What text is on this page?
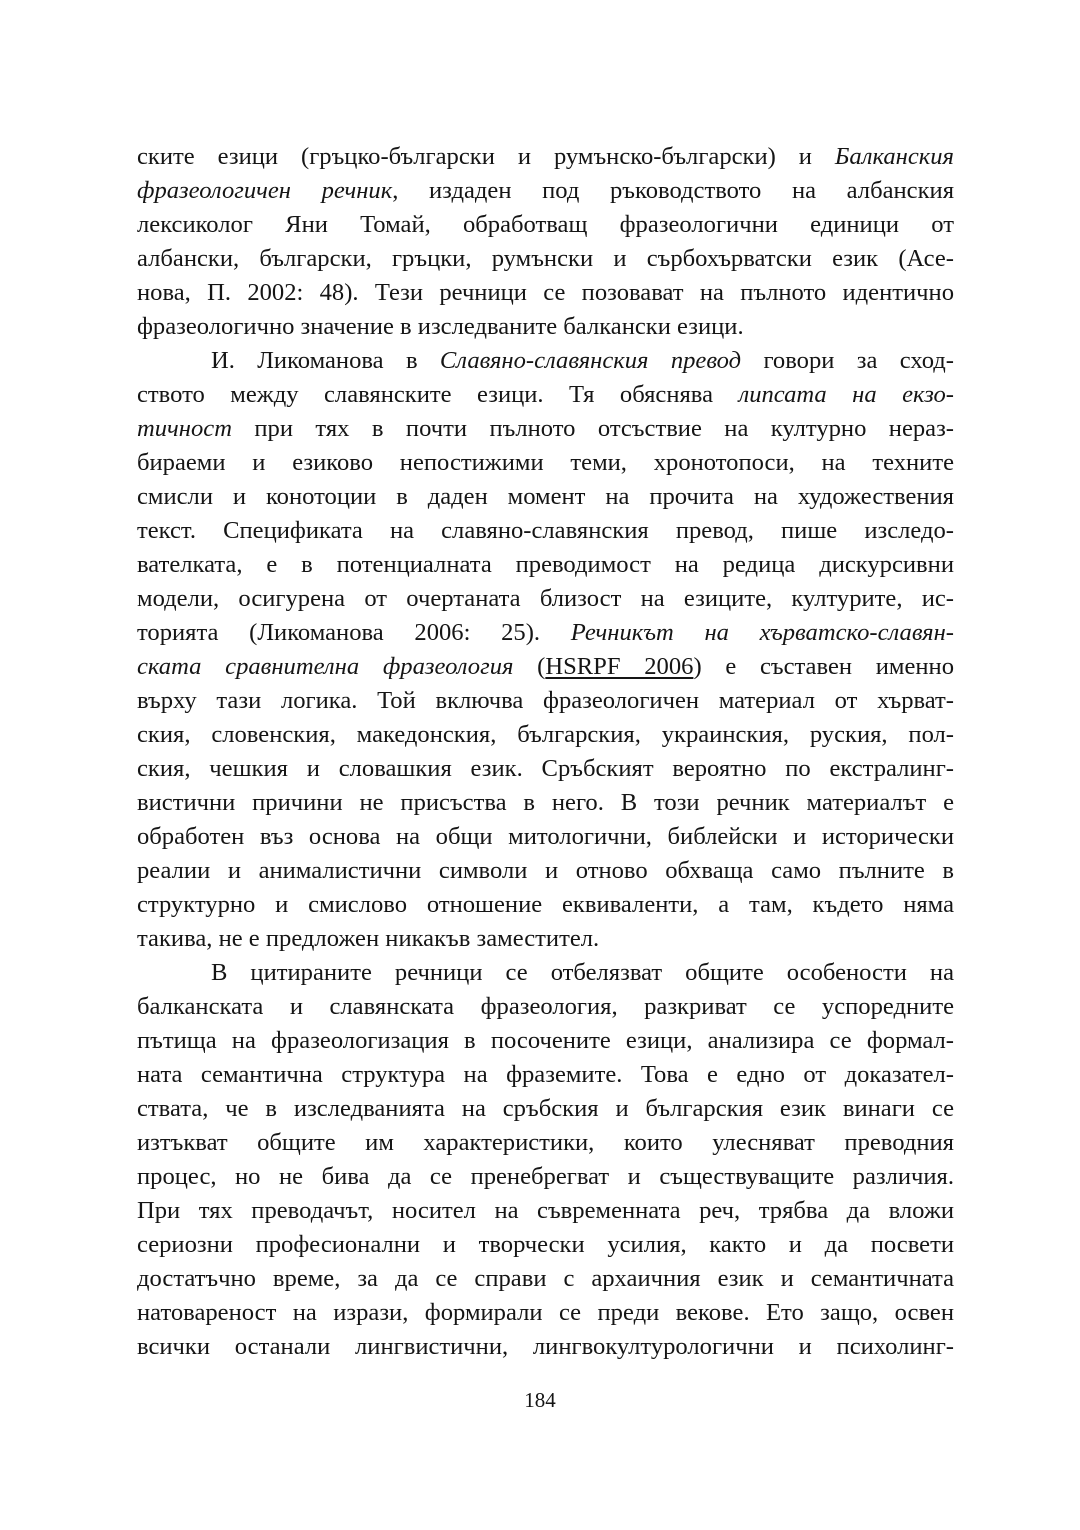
ските езици (гръцко-български и румънско-български) и Балканския
фразеологичен речник, издаден под ръководството на албанския
лексиколог Яни Томай, обработващ фразеологични единици от
албански, български, гръцки, румънски и сърбохърватски език (Асе-
нова, П. 2002: 48). Тези речници се позовават на пълното идентично
фразеологично значение в изследваните балкански езици.
И. Ликоманова в Славяно-славянския превод говори за сход-
ството между славянските езици. Тя обяснява липсата на екзо-
тичност при тях в почти пълното отсъствие на културно нераз-
бираеми и езиково непостижими теми, хронотопоси, на техните
смисли и конотоции в даден момент на прочита на художествения
текст. Спецификата на славяно-славянския превод, пише изследо-
вателката, е в потенциалната преводимост на редица дискурсивни
модели, осигурена от очертаната близост на езиците, културите, ис-
торията (Ликоманова 2006: 25). Речникът на хърватско-славян-
ската сравнителна фразеология (HSRPF 2006) е съставен именно
върху тази логика. Той включва фразеологичен материал от хърват-
ския, словенския, македонския, българския, украинския, руския, пол-
ския, чешкия и словашкия език. Сръбският вероятно по екстралинг-
вистични причини не присъства в него. В този речник материалът е
обработен въз основа на общи митологични, библейски и исторически
реалии и анималистични символи и отново обхваща само пълните в
структурно и смислово отношение еквиваленти, а там, където няма
такива, не е предложен никакъв заместител.
В цитираните речници се отбелязват общите особености на
балканската и славянската фразеология, разкриват се успоредните
пътища на фразеологизация в посочените езици, анализира се формал-
ната семантична структура на фраземите. Това е едно от доказател-
ствата, че в изследванията на сръбския и българския език винаги се
изтъкват общите им характеристики, които улесняват преводния
процес, но не бива да се пренебрегват и съществуващите различия.
При тях преводачът, носител на съвременната реч, трябва да вложи
сериозни професионални и творчески усилия, както и да посвети
достатъчно време, за да се справи с архаичния език и семантичната
натовареност на изрази, формирали се преди векове. Ето защо, освен
всички останали лингвистични, лингвокултурологични и психолинг-
184
